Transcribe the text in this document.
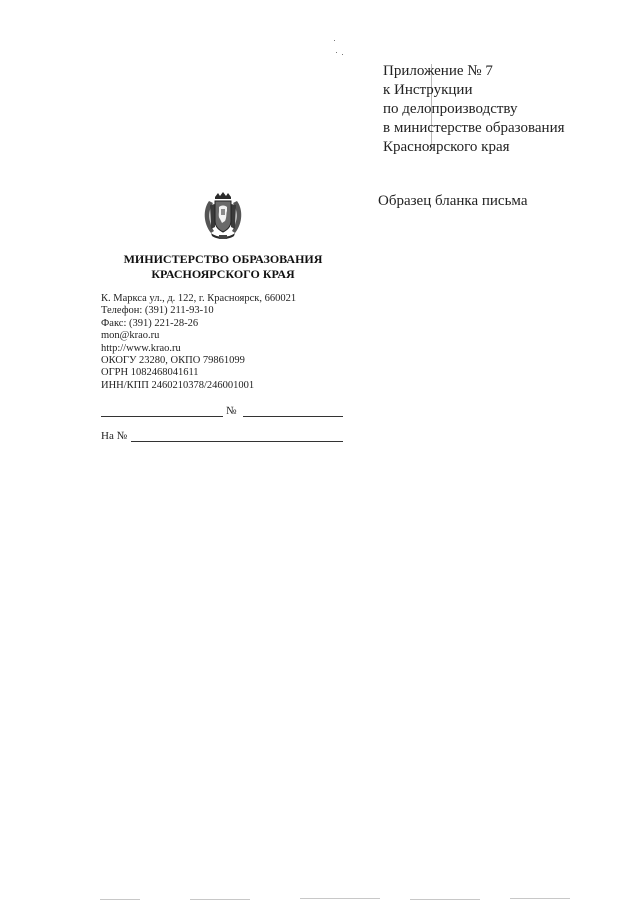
Приложение № 7
к Инструкции
по делопроизводству
в министерстве образования
Красноярского края
Образец бланка письма
МИНИСТЕРСТВО ОБРАЗОВАНИЯ
КРАСНОЯРСКОГО КРАЯ
К. Маркса ул., д. 122, г. Красноярск, 660021
Телефон: (391) 211-93-10
Факс: (391) 221-28-26
mon@krao.ru
http://www.krao.ru
ОКОГУ 23280, ОКПО 79861099
ОГРН 1082468041611
ИНН/КПП 2460210378/246001001
№
На №
